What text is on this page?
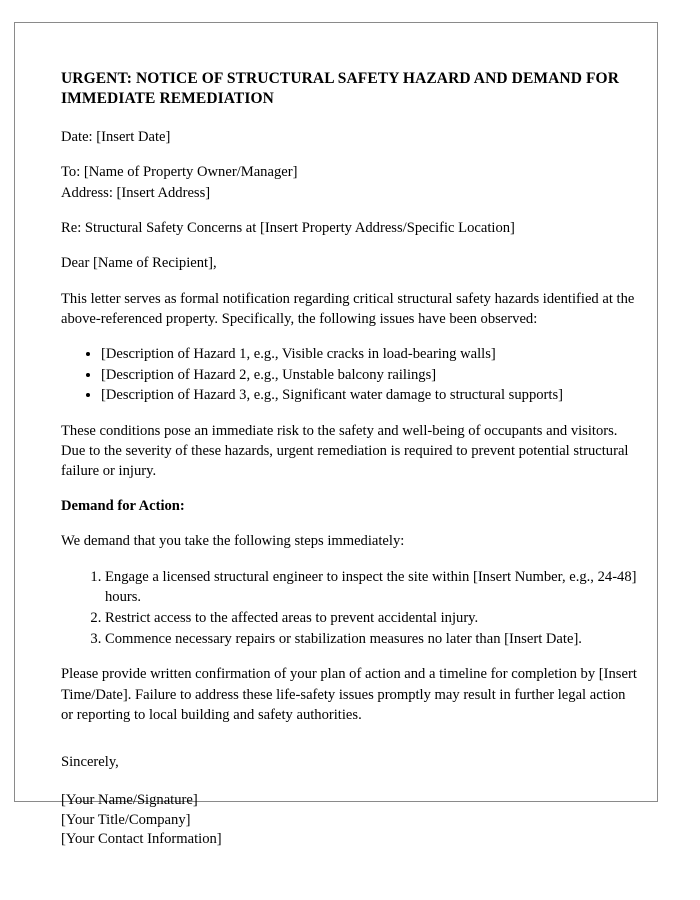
URGENT: NOTICE OF STRUCTURAL SAFETY HAZARD AND DEMAND FOR IMMEDIATE REMEDIATION

Date: [Insert Date]

To: [Name of Property Owner/Manager]

Address: [Insert Address]

Re: Structural Safety Concerns at [Insert Property Address/Specific Location]

Dear [Name of Recipient],

This letter serves as formal notification regarding critical structural safety hazards identified at the above-referenced property. Specifically, the following issues have been observed:

• [Description of Hazard 1, e.g., Visible cracks in load-bearing walls]
• [Description of Hazard 2, e.g., Unstable balcony railings]
• [Description of Hazard 3, e.g., Significant water damage to structural supports]

These conditions pose an immediate risk to the safety and well-being of occupants and visitors. Due to the severity of these hazards, urgent remediation is required to prevent potential structural failure or injury.

Demand for Action:

We demand that you take the following steps immediately:

1. Engage a licensed structural engineer to inspect the site within [Insert Number, e.g., 24-48] hours.
2. Restrict access to the affected areas to prevent accidental injury.
3. Commence necessary repairs or stabilization measures no later than [Insert Date].

Please provide written confirmation of your plan of action and a timeline for completion by [Insert Time/Date]. Failure to address these life-safety issues promptly may result in further legal action or reporting to local building and safety authorities.

Sincerely,

[Your Name/Signature]

[Your Title/Company]

[Your Contact Information]
